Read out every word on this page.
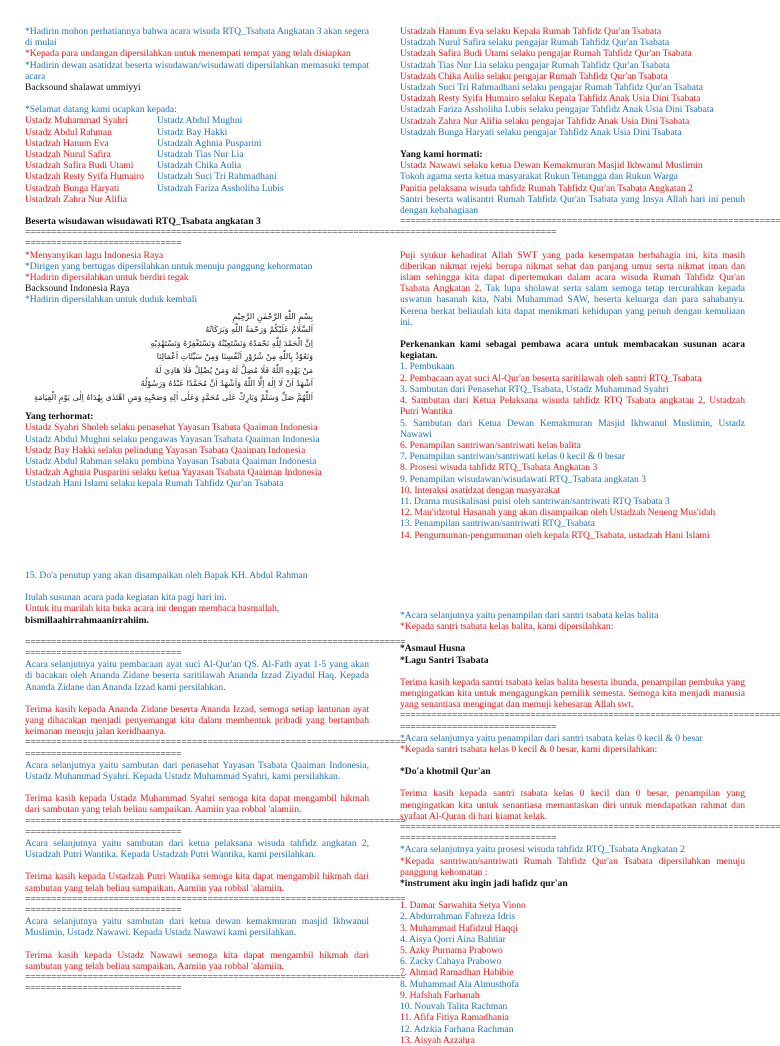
*Hadirin mohon perhatiannya bahwa acara wisuda RTQ_Tsabata Angkatan 3 akan segera di mulai
*Kepada para undangan dipersilahkan untuk menempati tempat yang telah disiapkan
*Hadirin dewan asatidzat beserta wisudawan/wisudawati dipersilahkan memasuki tempat acara
Backsound shalawat ummiyyi
*Selamat datang kami ucapkan kepada:
Ustadz Muhammad Syahri
Ustadz Abdul Rahman
Ustadzah Hanum Eva
Ustadzah Nurul Safira
Ustadzah Safira Budi Utami
Ustadzah Resty Syifa Humairo
Ustadzah Bunga Haryati
Ustadzah Zahra Nur Alifia
Ustadz Abdul Mughni
Ustadz Bay Hakki
Ustadzah Aghnia Pusparini
Ustadzah Tias Nur Lia
Ustadzah Chika Aulia
Ustadzah Suci Tri Rahmadhani
Ustadzah Fariza Assholiha Lubis
Beserta wisudawan wisudawati RTQ_Tsabata angkatan 3
=========================================================================
==============================
*Menyanyikan lagu Indonesia Raya
*Dirigen yang bertugas dipersilahkan untuk menuju panggung kehormatan
*Hadirin dipersilahkan untuk berdiri tegak
Backsound Indonesia Raya
*Hadirin dipersilahkan untuk duduk kembali
بِسْمِ اللّٰهِ الرَّحْمٰنِ الرَّحِيْمِ
اَلسَّلَامُ عَلَيْكُمْ وَرَحْمَةُ اللّٰهِ وَبَرَكَاتُهُ
اِنَّ الْحَمْدَ لِلّٰهِ نَحْمَدُهُ وَنَسْتَعِيْنُهُ وَنَسْتَغْفِرُهُ وَنَسْتَهْدِيْهِ
وَنَعُوْذُ بِاللّٰهِ مِنْ شُرُوْرِ اَنْفُسِنَا وَمِنْ سَيِّئَاتِ اَعْمَالِنَا
مَنْ يَهْدِهِ اللّٰهُ فَلَا مُضِلَّ لَهُ وَمَنْ يُضْلِلْ فَلَا هَادِيَ لَهُ
اَشْهَدُ اَنْ لَا اِلٰهَ اِلَّا اللّٰهُ وَاَشْهَدُ اَنَّ مُحَمَّدًا عَبْدُهُ وَرَسُوْلُهُ
اَللّٰهُمَّ صَلِّ وَسَلِّمْ وَبَارِكْ عَلٰى مُحَمَّدٍ وَعَلٰى اٰلِهِ وَصَحْبِهِ وَمَنِ اهْتَدٰى بِهُدَاهُ اِلٰى يَوْمِ الْقِيَامَةِ
Yang terhormat:
Ustadz Syahri Sholeh selaku penasehat Yayasan Tsabata Qaaiman Indonesia
Ustadz Abdul Mughni selaku pengawas Yayasan Tsabata Qaaiman Indonesia
Ustadz Bay Hakki selaku pelindung Yayasan Tsabata Qaaiman Indonesia
Ustadz Abdul Rahman selaku pembina Yayasan Tsabata Qaaiman Indonesia
Ustadzah Aghnia Pusparini selaku ketua Yayasan Tsabata Qaaiman Indonesia
Ustadzah Hani Islami selaku kepala Rumah Tahfidz Qur'an Tsabata
Ustadzah Hanum Eva selaku Kepala Rumah Tahfidz Qur'an Tsabata
Ustadzah Nurul Safira selaku pengajar Rumah Tahfidz Qur'an Tsabata
Ustadzah Safira Budi Utami selaku pengajar Rumah Tahfidz Qur'an Tsabata
Ustadzah Tias Nur Lia selaku pengajar Rumah Tahfidz Qur'an Tsabata
Ustadzah Chika Aulia selaku pengajar Rumah Tahfidz Qur'an Tsabata
Ustadzah Suci Tri Rahmadhani selaku pengajar Rumah Tahfidz Qur'an Tsabata
Ustadzah Resty Syifa Humairo selaku Kepala Tahfidz Anak Usia Dini Tsabata
Ustadzah Fariza Assholiha Lubis selaku pengajar Tahfidz Anak Usia Dini Tsabata
Ustadzah Zahra Nur Alifia selaku pengajar Tahfidz Anak Usia Dini Tsabata
Ustadzah Bunga Haryati selaku pengajar Tahfidz Anak Usia Dini Tsabata
Yang kami hormati:
Ustadz Nawawi selaku ketua Dewan Kemakmuran Masjid Ikhwanul Muslimin
Tokoh agama serta ketua masyarakat Rukun Tetangga dan Rukun Warga
Panitia pelaksana wisuda tahfidz Rumah Tahfidz Qur'an Tsabata Angkatan 2
Santri beserta walisantri Rumah Tahfidz Qur'an Tsabata yang Insya Allah hari ini penuh dengan kebahagiaan
=========================================================================
==============================
Puji syukur kehadirat Allah SWT yang pada kesempatan berbahagia ini, kita masih diberikan nikmat rejeki berupa nikmat sehat dan panjang umur serta nikmat iman dan islam sehingga kita dapat dipertemukan dalam acara wisuda Rumah Tahfidz Qur'an Tsabata Angkatan 2. Tak lupa sholawat serta salam semoga tetap tercurahkan kepada uswatun hasanah kita, Nabi Muhammad SAW, beserta keluarga dan para sahabanya. Kerena berkat beliaulah kita dapat menikmati kehidupan yang penuh dengan kemuliaan ini.
Perkenankan kami sebagai pembawa acara untuk membacakan susunan acara kegiatan.
1. Pembukaan
2. Pembacaan ayat suci Al-Qur'an beserta saritilawah oleh santri RTQ_Tsabata
3. Sambutan dari Penasehat RTQ_Tsabata, Ustadz Muhammad Syahri
4. Sambutan dari Ketua Pelaksana wisuda tahfidz RTQ Tsabata angkatan 2, Ustadzah Putri Wantika
5. Sambutan dari Ketua Dewan Kemakmuran Masjid Ikhwanul Muslimin, Ustadz Nawawi
6. Penampilan santriwan/santriwati kelas balita
7. Penampilan santriwan/santriwati kelas 0 kecil & 0 besar
8. Prosesi wisuda tahfidz RTQ_Tsabata Angkatan 3
9. Penampilan wisudawan/wisudawati RTQ_Tsabata angkatan 3
10. Interaksi asatidzat dengan masyarakat
11. Drama musikalisasi puisi oleh santriwan/santriwati RTQ Tsabata 3
12. Mau'idzotul Hasanah yang akan disampaikan oleh Ustadzah Neneng Mus'idah
13. Penampilan santriwan/santriwati RTQ_Tsabata
14. Pengumuman-pengumuman oleh kepala RTQ_Tsabata, ustadzah Hani Islami
15. Do'a penutup yang akan disampaikan oleh Bapak KH. Abdul Rahman
Itulah susunan acara pada kegiatan kita pagi hari ini.
Untuk itu marilah kita buka acara ini dengan membaca basmallah,
bismillaahirrahmaanirrahiim.
=========================================================================
==============================
Acara selanjutnya yaitu pembacaan ayat suci Al-Qur'an QS. Al-Fath ayat 1-5 yang akan di bacakan oleh Ananda Zidane beserta saritilawah Ananda Izzad Ziyadul Haq. Kepada Ananda Zidane dan Ananda Izzad kami persilahkan.
Terima kasih kepada Ananda Zidane beserta Ananda Izzad, semoga setiap lantunan ayat yang dibacakan menjadi penyemangat kita dalam membentuk pribadi yang bertambah keimanan menuju jalan keridhaanya.
=========================================================================
==============================
Acara selanjutnya yaitu sambutan dari penasehat Yayasan Tsabata Qaaiman Indonesia, Ustadz Muhammad Syahri. Kepada Ustadz Muhammad Syahri, kami persilahkan.
Terima kasih kepada Ustadz Muhammad Syahri semoga kita dapat mengambil hikmah dari sambutan yang telah beliau sampaikan. Aamiin yaa robbal 'alamiin.
=========================================================================
==============================
Acara selanjutnya yaitu sambutan dari ketua pelaksana wisuda tahfidz angkatan 2, Ustadzah Putri Wantika. Kepada Ustadzah Putri Wantika, kami persilahkan.
Terima kasih kepada Ustadzah Putri Wantika semoga kita dapat mengambil hikmah dari sambutan yang telah beliau sampaikan. Aamiin yaa robbal 'alamiin.
=========================================================================
==============================
Acara selanjutnya yaitu sambutan dari ketua dewan kemakmuran masjid Ikhwanul Muslimin, Ustadz Nawawi. Kepada Ustadz Nawawi kami persilahkan.
Terima kasih kepada Ustadz Nawawi semoga kita dapat mengambil hikmah dari sambutan yang telah beliau sampaikan. Aamiin yaa robbal 'alamiin.
=========================================================================
==============================
*Acara selanjutnya yaitu penampilan dari santri tsabata kelas balita
*Kepada santri tsabata kelas balita, kami dipersilahkan:
*Asmaul Husna
*Lagu Santri Tsabata
Terima kasih kepada santri tsabata kelas balita beserta ibunda, penampilan pembuka yang mengingatkan kita untuk mengagungkan pemilik semesta. Semoga kita menjadi manusia yang senantiasa mengingat dan memuji kebesaran Allah swt.
=========================================================================
==============================
*Acara selanjutnya yaitu penampilan dari santri tsabata kelas 0 kecil & 0 besar
*Kepada santri tsabata kelas 0 kecil & 0 besar, kami dipersilahkan:
*Do'a khotmil Qur'an
Terima kasih kepada santri tsabata kelas 0 kecil dan 0 besar, penampilan yang mengingatkan kita untuk senantiasa memantaskan diri untuk mendapatkan rahmat dan syafaat Al-Quran di hari kiamat kelak.
=========================================================================
==============================
*Acara selanjutnya yaitu prosesi wisuda tahfidz RTQ_Tsabata Angkatan 2
*Kepada santriwan/santriwati Rumah Tahfidz Qur'an Tsabata dipersilahkan menuju panggung kehomatan :
*instrument aku ingin jadi hafidz qur'an
1. Damar Sarwahita Setya Viono
2. Abdurrahman Fahreza Idris
3. Muhammad Hafidzul Haqqi
4. Aisya Qorri Aina Bahtiar
5. Azky Purnama Prabowo
6. Zacky Cahaya Prabowo
7. Ahmad Ramadhan Habibie
8. Muhammad Ala Almusthofa
9. Hafshah Farhanah
10. Nouvah Talita Rachman
11. Afifa Fitiya Ramadhania
12. Adzkia Farhana Rachman
13. Aisyah Azzahra
